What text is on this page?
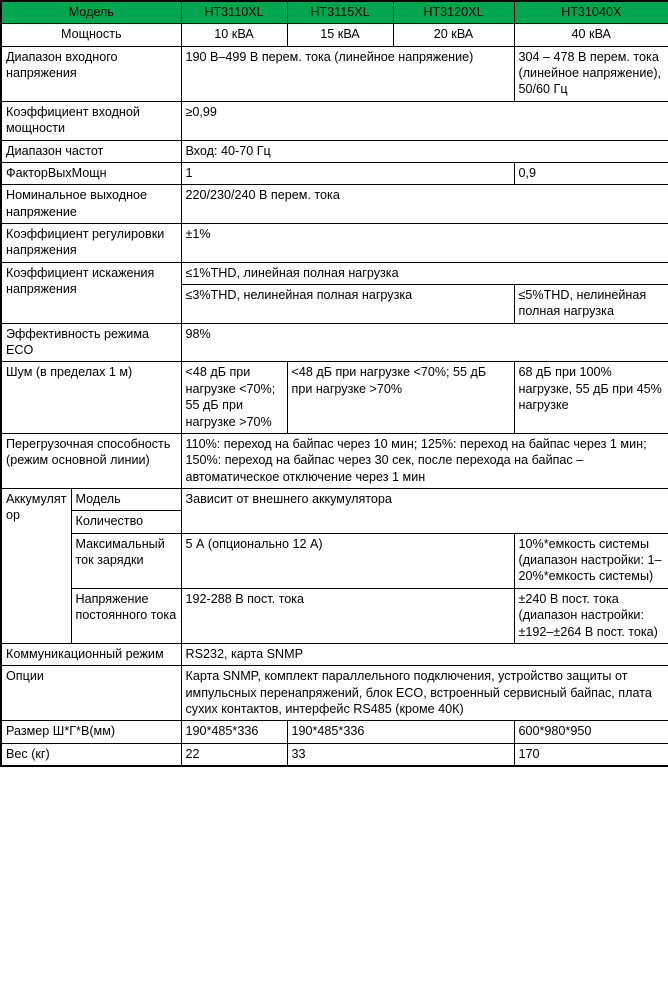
Модель		HT3110XL	HT3115XL	HT3120XL	HT31040X
Мощность		10 кВА	15 кВА	20 кВА	40 кВА
Диапазон входного напряжения		190 В–499 В перем. тока (линейное напряжение)			304 – 478 В перем. тока (линейное напряжение), 50/60 Гц
Коэффициент входной мощности		≥0,99			
Диапазон частот		Вход: 40-70 Гц			
ФакторВыхМощн		1			0,9
Номинальное выходное напряжение		220/230/240 В перем. тока			
Коэффициент регулировки напряжения		±1%			
Коэффициент искажения напряжения		≤1%THD, линейная полная нагрузка			
		≤3%THD, нелинейная полная нагрузка			≤5%THD, нелинейная полная нагрузка
Эффективность режима ECO		98%			
Шум (в пределах 1 м)		<48 дБ при нагрузке <70%; 55 дБ при нагрузке >70%	<48 дБ при нагрузке <70%; 55 дБ при нагрузке >70%		68 дБ при 100% нагрузке, 55 дБ при 45% нагрузке
Перегрузочная способность (режим основной линии)		110%: переход на байпас через 10 мин; 125%: переход на байпас через 1 мин; 150%: переход на байпас через 30 сек, после перехода на байпас – автоматическое отключение через 1 мин			
Аккумулятор	Модель	Зависит от внешнего аккумулятора			
	Количество				
	Максимальный ток зарядки	5 А (опционально 12 А)			10%*емкость системы (диапазон настройки: 1–20%*емкость системы)
	Напряжение постоянного тока	192-288 В пост. тока			±240 В пост. тока (диапазон настройки: ±192–±264 В пост. тока)
Коммуникационный режим		RS232, карта SNMP			
Опции		Карта SNMP, комплект параллельного подключения, устройство защиты от импульсных перенапряжений, блок ECO, встроенный сервисный байпас, плата сухих контактов, интерфейс RS485 (кроме 40К)			
Размер Ш*Г*В(мм)		190*485*336	190*485*336		600*980*950
Вес (кг)		22	33		170
